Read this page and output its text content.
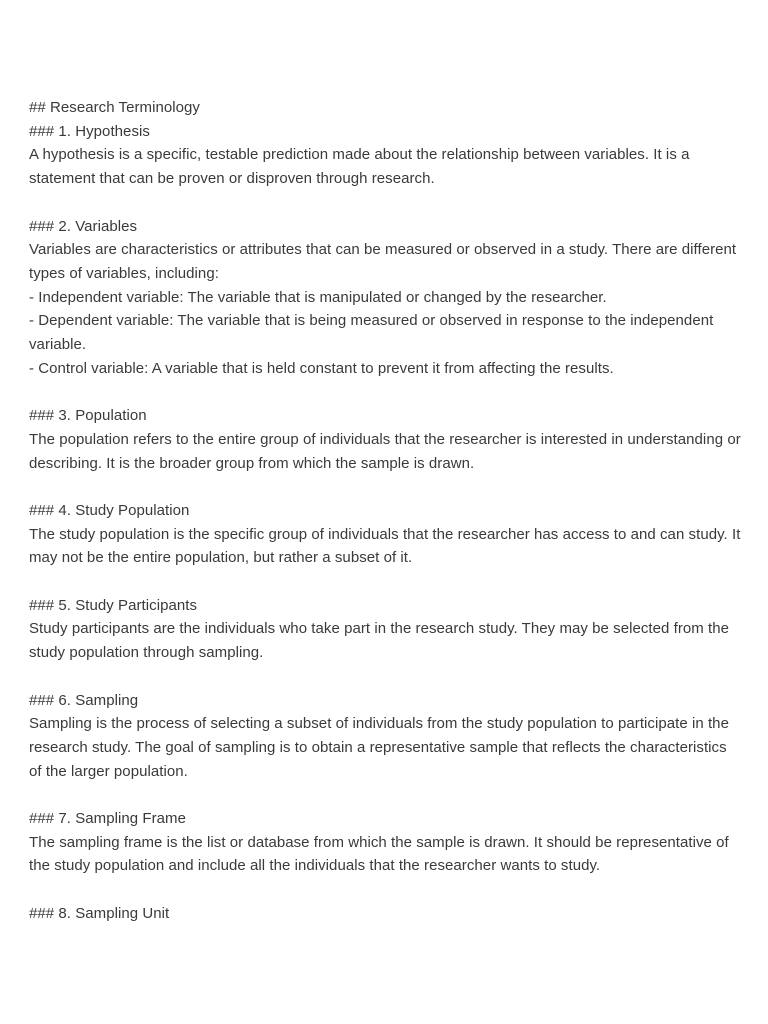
## Research Terminology
### 1. Hypothesis
A hypothesis is a specific, testable prediction made about the relationship between variables. It is a statement that can be proven or disproven through research.
### 2. Variables
Variables are characteristics or attributes that can be measured or observed in a study. There are different types of variables, including:
- Independent variable: The variable that is manipulated or changed by the researcher.
- Dependent variable: The variable that is being measured or observed in response to the independent variable.
- Control variable: A variable that is held constant to prevent it from affecting the results.
### 3. Population
The population refers to the entire group of individuals that the researcher is interested in understanding or describing. It is the broader group from which the sample is drawn.
### 4. Study Population
The study population is the specific group of individuals that the researcher has access to and can study. It may not be the entire population, but rather a subset of it.
### 5. Study Participants
Study participants are the individuals who take part in the research study. They may be selected from the study population through sampling.
### 6. Sampling
Sampling is the process of selecting a subset of individuals from the study population to participate in the research study. The goal of sampling is to obtain a representative sample that reflects the characteristics of the larger population.
### 7. Sampling Frame
The sampling frame is the list or database from which the sample is drawn. It should be representative of the study population and include all the individuals that the researcher wants to study.
### 8. Sampling Unit
